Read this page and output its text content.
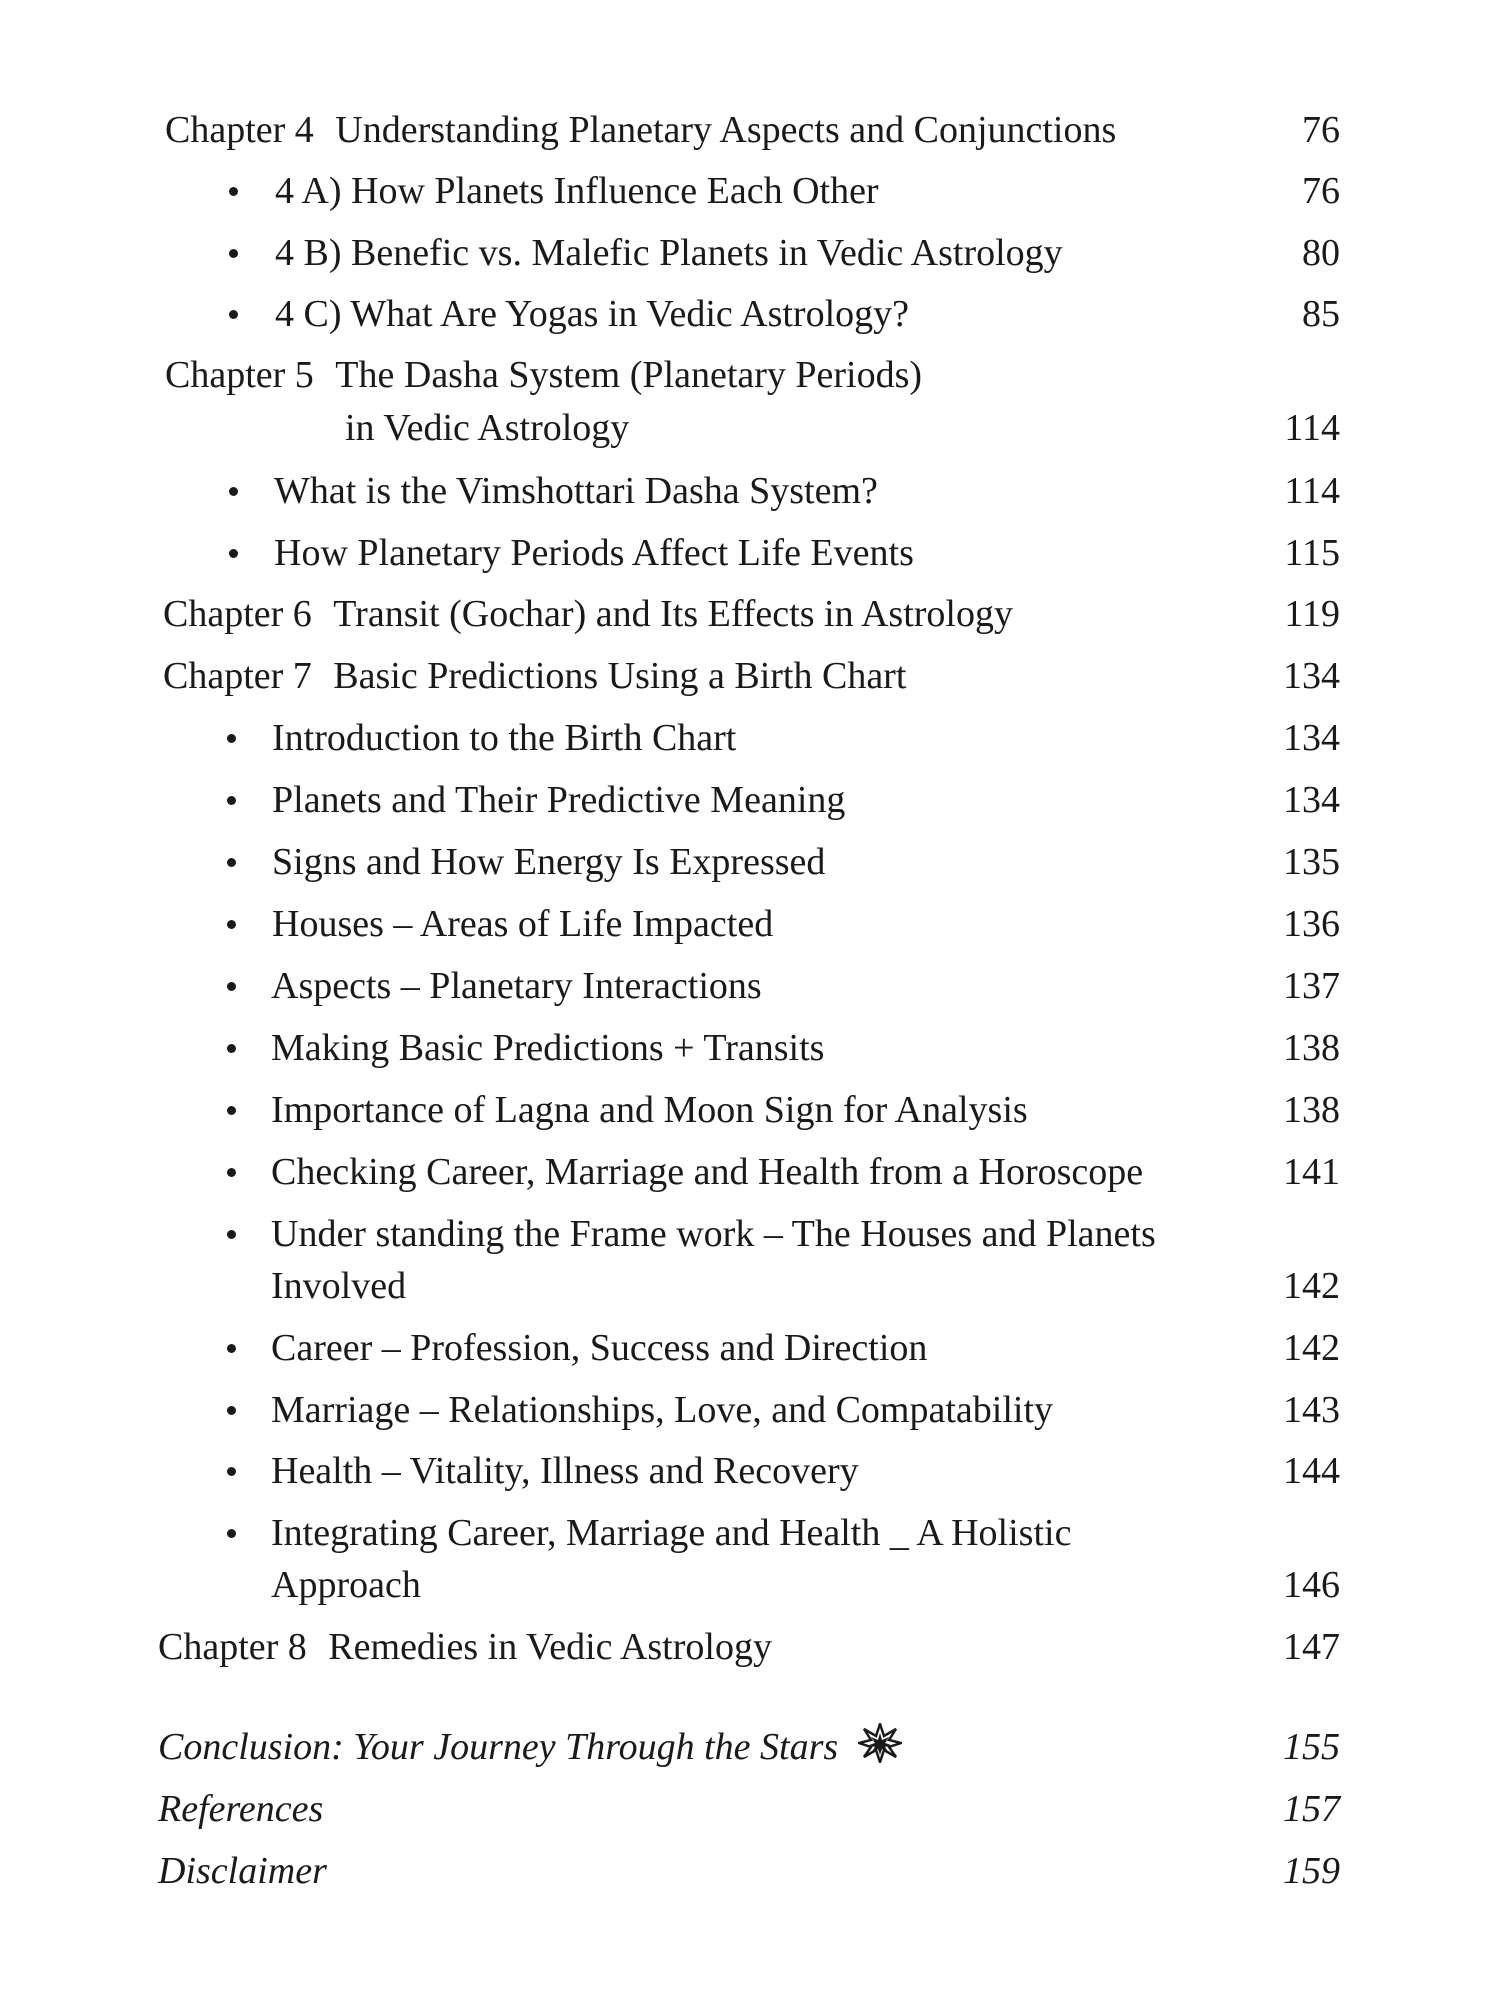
Chapter 4 Understanding Planetary Aspects and Conjunctions	76
4 A) How Planets Influence Each Other	76
4 B) Benefic vs. Malefic Planets in Vedic Astrology	80
4 C) What Are Yogas in Vedic Astrology?	85
Chapter 5 The Dasha System (Planetary Periods)
in Vedic Astrology	114
What is the Vimshottari Dasha System?	114
How Planetary Periods Affect Life Events	115
Chapter 6 Transit (Gochar) and Its Effects in Astrology	119
Chapter 7 Basic Predictions Using a Birth Chart	134
Introduction to the Birth Chart	134
Planets and Their Predictive Meaning	134
Signs and How Energy Is Expressed	135
Houses – Areas of Life Impacted	136
Aspects – Planetary Interactions	137
Making Basic Predictions + Transits	138
Importance of Lagna and Moon Sign for Analysis	138
Checking Career, Marriage and Health from a Horoscope	141
Under standing the Frame work – The Houses and Planets
Involved	142
Career – Profession, Success and Direction	142
Marriage – Relationships, Love, and Compatability	143
Health – Vitality, Illness and Recovery	144
Integrating Career, Marriage and Health _ A Holistic
Approach	146
Chapter 8 Remedies in Vedic Astrology	147
Conclusion: Your Journey Through the Stars	155
References	157
Disclaimer	159
